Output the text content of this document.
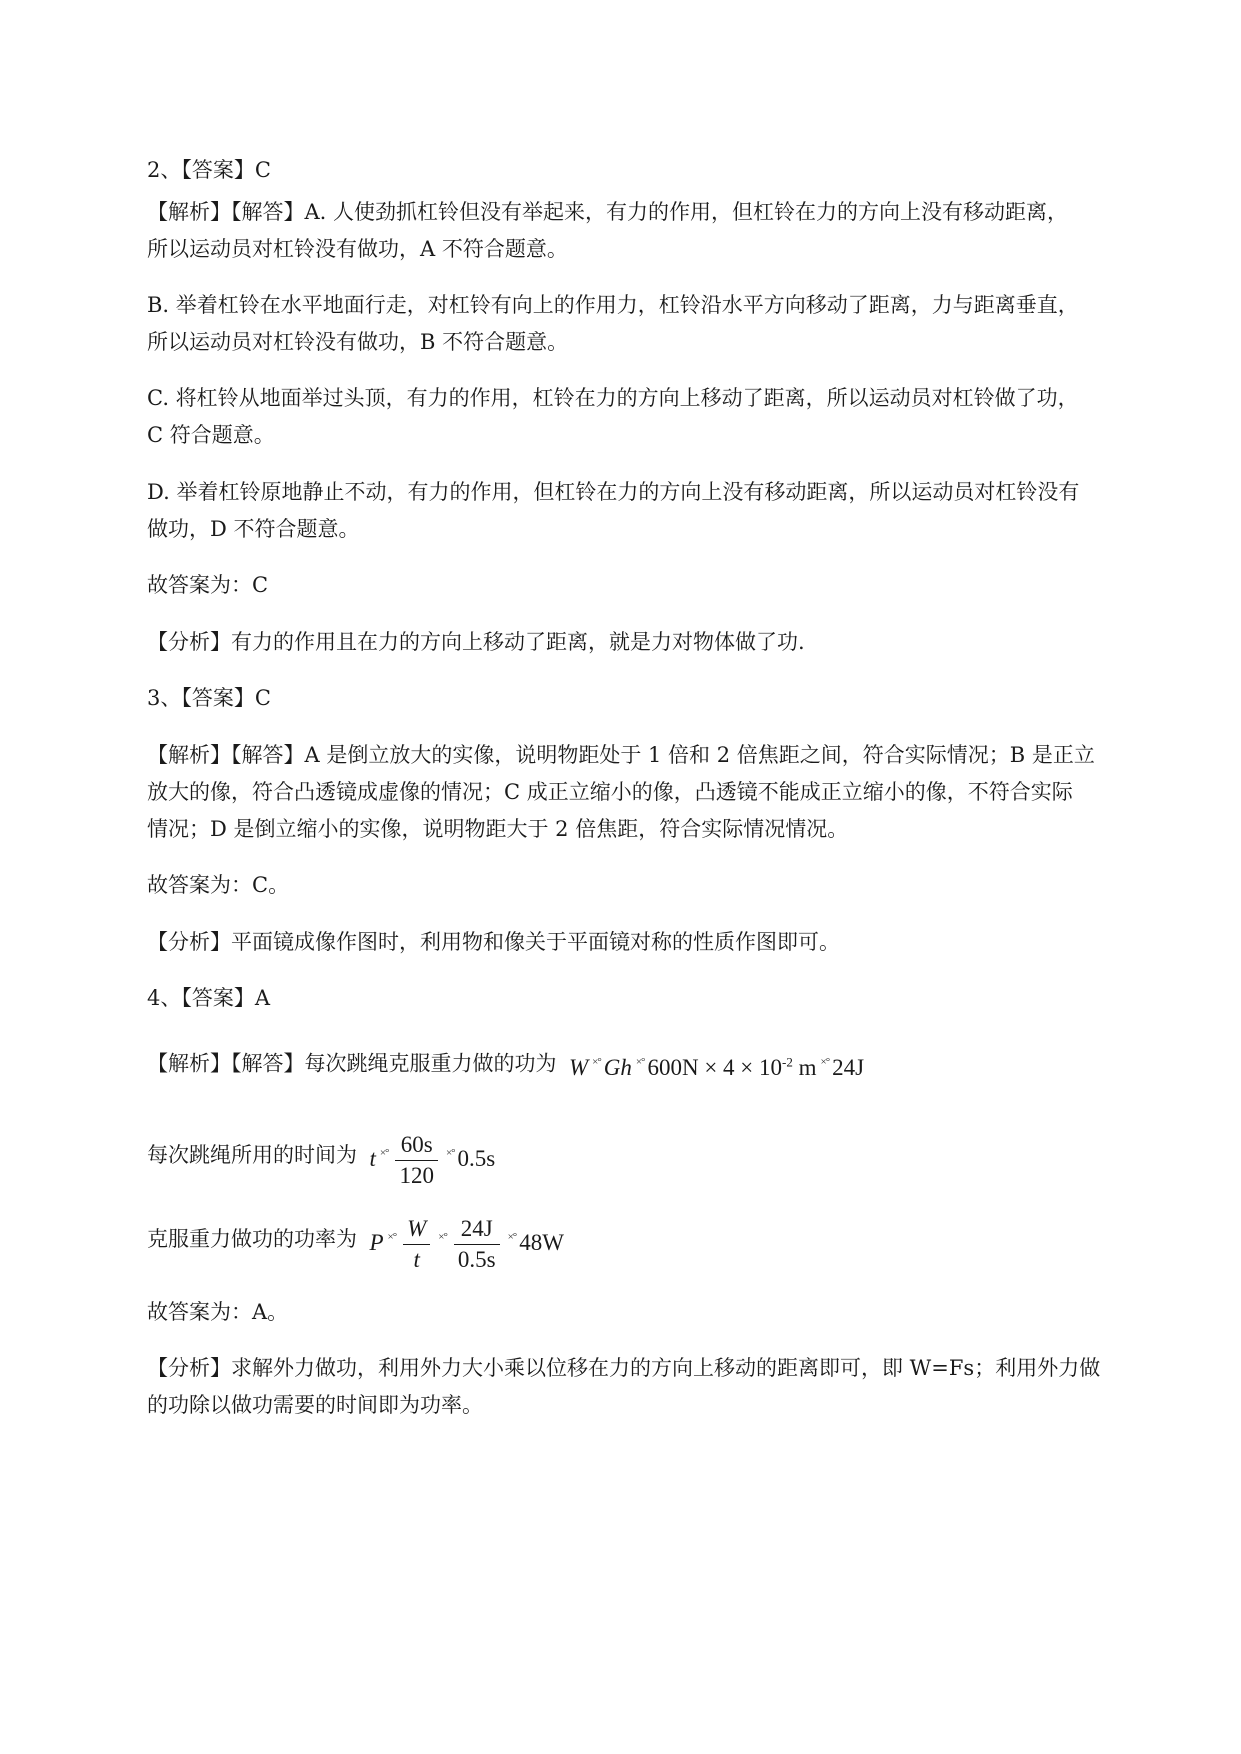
2、【答案】C
【解析】【解答】A. 人使劲抓杠铃但没有举起来，有力的作用，但杠铃在力的方向上没有移动距离，
所以运动员对杠铃没有做功，A 不符合题意。
B. 举着杠铃在水平地面行走，对杠铃有向上的作用力，杠铃沿水平方向移动了距离，力与距离垂直，
所以运动员对杠铃没有做功，B 不符合题意。
C. 将杠铃从地面举过头顶，有力的作用，杠铃在力的方向上移动了距离，所以运动员对杠铃做了功，
C 符合题意。
D. 举着杠铃原地静止不动，有力的作用，但杠铃在力的方向上没有移动距离，所以运动员对杠铃没有
做功，D 不符合题意。
故答案为：C
【分析】有力的作用且在力的方向上移动了距离，就是力对物体做了功.
3、【答案】C
【解析】【解答】A 是倒立放大的实像，说明物距处于 1 倍和 2 倍焦距之间，符合实际情况；B 是正立
放大的像，符合凸透镜成虚像的情况；C 成正立缩小的像，凸透镜不能成正立缩小的像，不符合实际
情况；D 是倒立缩小的实像，说明物距大于 2 倍焦距，符合实际情况情况。
故答案为：C。
【分析】平面镜成像作图时，利用物和像关于平面镜对称的性质作图即可。
4、【答案】A
【解析】【解答】每次跳绳克服重力做的功为 W ×° Gh ×° $600N \times 4 \times 10^{-2}$ m ×° 24J
每次跳绳所用的时间为 t $^{\times^\circ} \frac{60s}{120} ^{\times^\circ}$ 0.5s
克服重力做功的功率为 P $^{\times^\circ} \frac{W}{t} ^{\times^\circ} \frac{24J}{0.5s} ^{\times^\circ}$ 48W
故答案为：A。
【分析】求解外力做功，利用外力大小乘以位移在力的方向上移动的距离即可，即 W=Fs；利用外力做
的功除以做功需要的时间即为功率。
